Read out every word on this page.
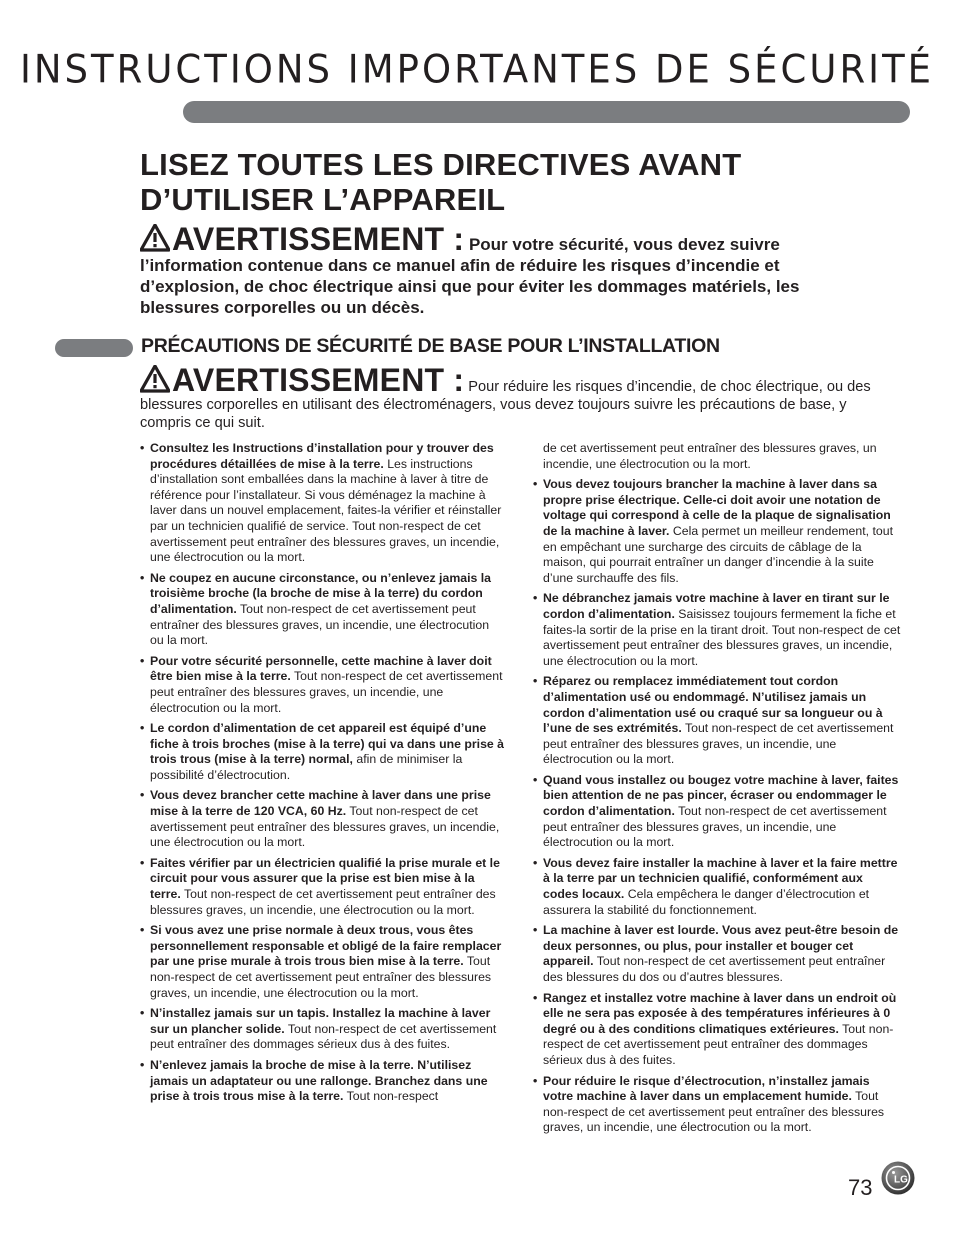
INSTRUCTIONS IMPORTANTES DE SÉCURITÉ
LISEZ TOUTES LES DIRECTIVES AVANT
D’UTILISER L’APPAREIL
AVERTISSEMENT : Pour votre sécurité, vous devez suivre l’information contenue dans ce manuel afin de réduire les risques d’incendie et d’explosion, de choc électrique ainsi que pour éviter les dommages matériels, les blessures corporelles ou un décès.
PRÉCAUTIONS DE SÉCURITÉ DE BASE POUR L’INSTALLATION
AVERTISSEMENT : Pour réduire les risques d’incendie, de choc électrique, ou des blessures corporelles en utilisant des électroménagers, vous devez toujours suivre les précautions de base, y compris ce qui suit.
• Consultez les Instructions d’installation pour y trouver des procédures détaillées de mise à la terre. Les instructions d’installation sont emballées dans la machine à laver à titre de référence pour l’installateur. Si vous déménagez la machine à laver dans un nouvel emplacement, faites-la vérifier et réinstaller par un technicien qualifié de service. Tout non-respect de cet avertissement peut entraîner des blessures graves, un incendie, une électrocution ou la mort.
• Ne coupez en aucune circonstance, ou n’enlevez jamais la troisième broche (la broche de mise à la terre) du cordon d’alimentation. Tout non-respect de cet avertissement peut entraîner des blessures graves, un incendie, une électrocution ou la mort.
• Pour votre sécurité personnelle, cette machine à laver doit être bien mise à la terre. Tout non-respect de cet avertissement peut entraîner des blessures graves, un incendie, une électrocution ou la mort.
• Le cordon d’alimentation de cet appareil est équipé d’une fiche à trois broches (mise à la terre) qui va dans une prise à trois trous (mise à la terre) normal, afin de minimiser la possibilité d’électrocution.
• Vous devez brancher cette machine à laver dans une prise mise à la terre de 120 VCA, 60 Hz. Tout non-respect de cet avertissement peut entraîner des blessures graves, un incendie, une électrocution ou la mort.
• Faites vérifier par un électricien qualifié la prise murale et le circuit pour vous assurer que la prise est bien mise à la terre. Tout non-respect de cet avertissement peut entraîner des blessures graves, un incendie, une électrocution ou la mort.
• Si vous avez une prise normale à deux trous, vous êtes personnellement responsable et obligé de la faire remplacer par une prise murale à trois trous bien mise à la terre. Tout non-respect de cet avertissement peut entraîner des blessures graves, un incendie, une électrocution ou la mort.
• N’installez jamais sur un tapis. Installez la machine à laver sur un plancher solide. Tout non-respect de cet avertissement peut entraîner des dommages sérieux dus à des fuites.
• N’enlevez jamais la broche de mise à la terre. N’utilisez jamais un adaptateur ou une rallonge. Branchez dans une prise à trois trous mise à la terre. Tout non-respect
de cet avertissement peut entraîner des blessures graves, un incendie, une électrocution ou la mort.
• Vous devez toujours brancher la machine à laver dans sa propre prise électrique. Celle-ci doit avoir une notation de voltage qui correspond à celle de la plaque de signalisation de la machine à laver. Cela permet un meilleur rendement, tout en empêchant une surcharge des circuits de câblage de la maison, qui pourrait entraîner un danger d’incendie à la suite d’une surchauffe des fils.
• Ne débranchez jamais votre machine à laver en tirant sur le cordon d’alimentation. Saisissez toujours fermement la fiche et faites-la sortir de la prise en la tirant droit. Tout non-respect de cet avertissement peut entraîner des blessures graves, un incendie, une électrocution ou la mort.
• Réparez ou remplacez immédiatement tout cordon d’alimentation usé ou endommagé. N’utilisez jamais un cordon d’alimentation usé ou craqué sur sa longueur ou à l’une de ses extrémités. Tout non-respect de cet avertissement peut entraîner des blessures graves, un incendie, une électrocution ou la mort.
• Quand vous installez ou bougez votre machine à laver, faites bien attention de ne pas pincer, écraser ou endommager le cordon d’alimentation. Tout non-respect de cet avertissement peut entraîner des blessures graves, un incendie, une électrocution ou la mort.
• Vous devez faire installer la machine à laver et la faire mettre à la terre par un technicien qualifié, conformément aux codes locaux. Cela empêchera le danger d’électrocution et assurera la stabilité du fonctionnement.
• La machine à laver est lourde. Vous avez peut-être besoin de deux personnes, ou plus, pour installer et bouger cet appareil. Tout non-respect de cet avertissement peut entraîner des blessures du dos ou d’autres blessures.
• Rangez et installez votre machine à laver dans un endroit où elle ne sera pas exposée à des températures inférieures à 0 degré ou à des conditions climatiques extérieures. Tout non-respect de cet avertissement peut entraîner des dommages sérieux dus à des fuites.
• Pour réduire le risque d’électrocution, n’installez jamais votre machine à laver dans un emplacement humide. Tout non-respect de cet avertissement peut entraîner des blessures graves, un incendie, une électrocution ou la mort.
73 LG
